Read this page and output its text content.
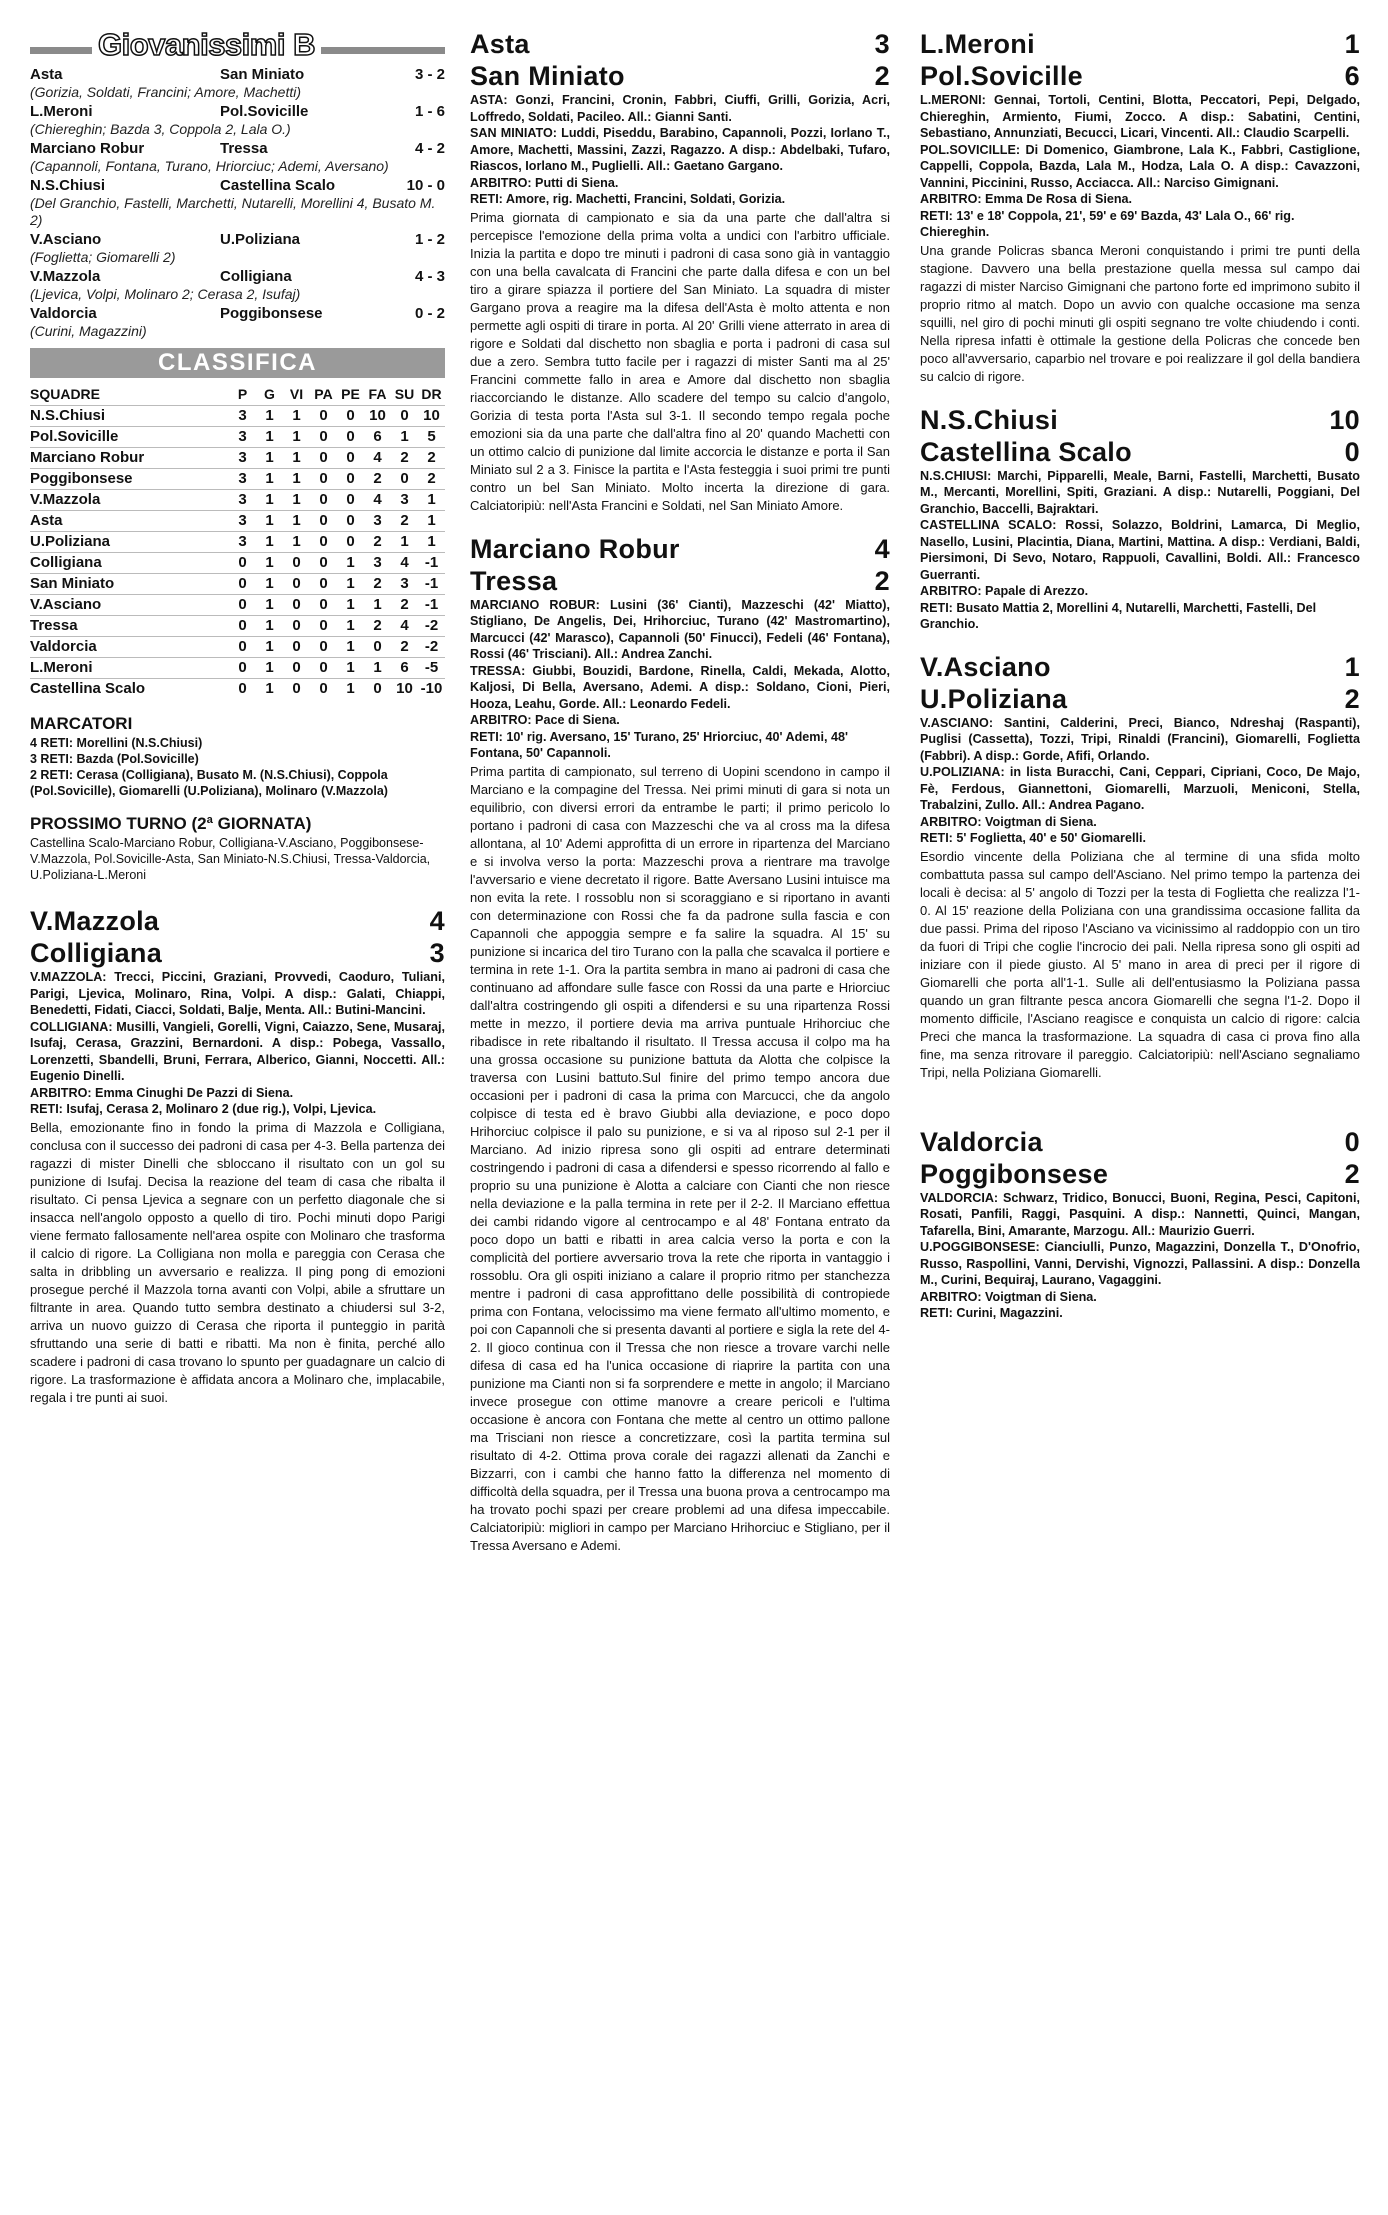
Giovanissimi B
Asta	San Miniato	3 - 2
(Gorizia, Soldati, Francini; Amore, Machetti)
L.Meroni	Pol.Sovicille	1 - 6
(Chiereghin; Bazda 3, Coppola 2, Lala O.)
Marciano Robur	Tressa	4 - 2
(Capannoli, Fontana, Turano, Hriorciuc; Ademi, Aversano)
N.S.Chiusi	Castellina Scalo	10 - 0
(Del Granchio, Fastelli, Marchetti, Nutarelli, Morellini 4, Busato M. 2)
V.Asciano	U.Poliziana	1 - 2
(Foglietta; Giomarelli 2)
V.Mazzola	Colligiana	4 - 3
(Ljevica, Volpi, Molinaro 2; Cerasa 2, Isufaj)
Valdorcia	Poggibonsese	0 - 2
(Curini, Magazzini)
CLASSIFICA
SQUADRE	P	G	VI	PA	PE	FA	SU	DR
N.S.Chiusi	3	1	1	0	0	10	0	10
Pol.Sovicille	3	1	1	0	0	6	1	5
Marciano Robur	3	1	1	0	0	4	2	2
Poggibonsese	3	1	1	0	0	2	0	2
V.Mazzola	3	1	1	0	0	4	3	1
Asta	3	1	1	0	0	3	2	1
U.Poliziana	3	1	1	0	0	2	1	1
Colligiana	0	1	0	0	1	3	4	-1
San Miniato	0	1	0	0	1	2	3	-1
V.Asciano	0	1	0	0	1	1	2	-1
Tressa	0	1	0	0	1	2	4	-2
Valdorcia	0	1	0	0	1	0	2	-2
L.Meroni	0	1	0	0	1	1	6	-5
Castellina Scalo	0	1	0	0	1	0	10	-10
MARCATORI
4 RETI: Morellini (N.S.Chiusi)
3 RETI: Bazda (Pol.Sovicille)
2 RETI: Cerasa (Colligiana), Busato M. (N.S.Chiusi), Coppola (Pol.Sovicille), Giomarelli (U.Poliziana), Molinaro (V.Mazzola)
PROSSIMO TURNO (2ª GIORNATA)
Castellina Scalo-Marciano Robur, Colligiana-V.Asciano, Poggibonsese-V.Mazzola, Pol.Sovicille-Asta, San Miniato-N.S.Chiusi, Tressa-Valdorcia, U.Poliziana-L.Meroni
V.Mazzola	4
Colligiana	3
V.MAZZOLA: Trecci, Piccini, Graziani, Provvedi, Caoduro, Tuliani, Parigi, Ljevica, Molinaro, Rina, Volpi. A disp.: Galati, Chiappi, Benedetti, Fidati, Ciacci, Soldati, Balje, Menta. All.: Butini-Mancini.
COLLIGIANA: Musilli, Vangieli, Gorelli, Vigni, Caiazzo, Sene, Musaraj, Isufaj, Cerasa, Grazzini, Bernardoni. A disp.: Pobega, Vassallo, Lorenzetti, Sbandelli, Bruni, Ferrara, Alberico, Gianni, Noccetti. All.: Eugenio Dinelli.
ARBITRO: Emma Cinughi De Pazzi di Siena.
RETI: Isufaj, Cerasa 2, Molinaro 2 (due rig.), Volpi, Ljevica.
Bella, emozionante fino in fondo la prima di Mazzola e Colligiana, conclusa con il successo dei padroni di casa per 4-3. Bella partenza dei ragazzi di mister Dinelli che sbloccano il risultato con un gol su punizione di Isufaj. Decisa la reazione del team di casa che ribalta il risultato. Ci pensa Ljevica a segnare con un perfetto diagonale che si insacca nell'angolo opposto a quello di tiro. Pochi minuti dopo Parigi viene fermato fallosamente nell'area ospite con Molinaro che trasforma il calcio di rigore. La Colligiana non molla e pareggia con Cerasa che salta in dribbling un avversario e realizza. Il ping pong di emozioni prosegue perché il Mazzola torna avanti con Volpi, abile a sfruttare un filtrante in area. Quando tutto sembra destinato a chiudersi sul 3-2, arriva un nuovo guizzo di Cerasa che riporta il punteggio in parità sfruttando una serie di batti e ribatti. Ma non è finita, perché allo scadere i padroni di casa trovano lo spunto per guadagnare un calcio di rigore. La trasformazione è affidata ancora a Molinaro che, implacabile, regala i tre punti ai suoi.
Asta	3
San Miniato	2
ASTA: Gonzi, Francini, Cronin, Fabbri, Ciuffi, Grilli, Gorizia, Acri, Loffredo, Soldati, Pacileo. All.: Gianni Santi.
SAN MINIATO: Luddi, Piseddu, Barabino, Capannoli, Pozzi, Iorlano T., Amore, Machetti, Massini, Zazzi, Ragazzo. A disp.: Abdelbaki, Tufaro, Riascos, Iorlano M., Puglielli. All.: Gaetano Gargano.
ARBITRO: Putti di Siena.
RETI: Amore, rig. Machetti, Francini, Soldati, Gorizia.
Prima giornata di campionato e sia da una parte che dall'altra si percepisce l'emozione della prima volta a undici con l'arbitro ufficiale. Inizia la partita e dopo tre minuti i padroni di casa sono già in vantaggio con una bella cavalcata di Francini che parte dalla difesa e con un bel tiro a girare spiazza il portiere del San Miniato. La squadra di mister Gargano prova a reagire ma la difesa dell'Asta è molto attenta e non permette agli ospiti di tirare in porta. Al 20' Grilli viene atterrato in area di rigore e Soldati dal dischetto non sbaglia e porta i padroni di casa sul due a zero. Sembra tutto facile per i ragazzi di mister Santi ma al 25' Francini commette fallo in area e Amore dal dischetto non sbaglia riaccorciando le distanze. Allo scadere del tempo su calcio d'angolo, Gorizia di testa porta l'Asta sul 3-1. Il secondo tempo regala poche emozioni sia da una parte che dall'altra fino al 20' quando Machetti con un ottimo calcio di punizione dal limite accorcia le distanze e porta il San Miniato sul 2 a 3. Finisce la partita e l'Asta festeggia i suoi primi tre punti contro un bel San Miniato. Molto incerta la direzione di gara. Calciatoripiù: nell'Asta Francini e Soldati, nel San Miniato Amore.
Marciano Robur	4
Tressa	2
MARCIANO ROBUR: Lusini (36' Cianti), Mazzeschi (42' Miatto), Stigliano, De Angelis, Dei, Hrihorciuc, Turano (42' Mastromartino), Marcucci (42' Marasco), Capannoli (50' Finucci), Fedeli (46' Fontana), Rossi (46' Trisciani). All.: Andrea Zanchi.
TRESSA: Giubbi, Bouzidi, Bardone, Rinella, Caldi, Mekada, Alotto, Kaljosi, Di Bella, Aversano, Ademi. A disp.: Soldano, Cioni, Pieri, Hooza, Leahu, Gorde. All.: Leonardo Fedeli.
ARBITRO: Pace di Siena.
RETI: 10' rig. Aversano, 15' Turano, 25' Hriorciuc, 40' Ademi, 48' Fontana, 50' Capannoli.
Prima partita di campionato, sul terreno di Uopini scendono in campo il Marciano e la compagine del Tressa. Nei primi minuti di gara si nota un equilibrio, con diversi errori da entrambe le parti; il primo pericolo lo portano i padroni di casa con Mazzeschi che va al cross ma la difesa allontana, al 10' Ademi approfitta di un errore in ripartenza del Marciano e si involva verso la porta: Mazzeschi prova a rientrare ma travolge l'avversario e viene decretato il rigore. Batte Aversano Lusini intuisce ma non evita la rete. I rossoblu non si scoraggiano e si riportano in avanti con determinazione con Rossi che fa da padrone sulla fascia e con Capannoli che appoggia sempre e fa salire la squadra. Al 15' su punizione si incarica del tiro Turano con la palla che scavalca il portiere e termina in rete 1-1. Ora la partita sembra in mano ai padroni di casa che continuano ad affondare sulle fasce con Rossi da una parte e Hriorciuc dall'altra costringendo gli ospiti a difendersi e su una ripartenza Rossi mette in mezzo, il portiere devia ma arriva puntuale Hrihorciuc che ribadisce in rete ribaltando il risultato. Il Tressa accusa il colpo ma ha una grossa occasione su punizione battuta da Alotta che colpisce la traversa con Lusini battuto.Sul finire del primo tempo ancora due occasioni per i padroni di casa la prima con Marcucci, che da angolo colpisce di testa ed è bravo Giubbi alla deviazione, e poco dopo Hrihorciuc colpisce il palo su punizione, e si va al riposo sul 2-1 per il Marciano. Ad inizio ripresa sono gli ospiti ad entrare determinati costringendo i padroni di casa a difendersi e spesso ricorrendo al fallo e proprio su una punizione è Alotta a calciare con Cianti che non riesce nella deviazione e la palla termina in rete per il 2-2. Il Marciano effettua dei cambi ridando vigore al centrocampo e al 48' Fontana entrato da poco dopo un batti e ribatti in area calcia verso la porta e con la complicità del portiere avversario trova la rete che riporta in vantaggio i rossoblu. Ora gli ospiti iniziano a calare il proprio ritmo per stanchezza mentre i padroni di casa approfittano delle possibilità di contropiede prima con Fontana, velocissimo ma viene fermato all'ultimo momento, e poi con Capannoli che si presenta davanti al portiere e sigla la rete del 4-2. Il gioco continua con il Tressa che non riesce a trovare varchi nelle difesa di casa ed ha l'unica occasione di riaprire la partita con una punizione ma Cianti non si fa sorprendere e mette in angolo; il Marciano invece prosegue con ottime manovre a creare pericoli e l'ultima occasione è ancora con Fontana che mette al centro un ottimo pallone ma Trisciani non riesce a concretizzare, così la partita termina sul risultato di 4-2. Ottima prova corale dei ragazzi allenati da Zanchi e Bizzarri, con i cambi che hanno fatto la differenza nel momento di difficoltà della squadra, per il Tressa una buona prova a centrocampo ma ha trovato pochi spazi per creare problemi ad una difesa impeccabile. Calciatoripiù: migliori in campo per Marciano Hrihorciuc e Stigliano, per il Tressa Aversano e Ademi.
L.Meroni	1
Pol.Sovicille	6
L.MERONI: Gennai, Tortoli, Centini, Blotta, Peccatori, Pepi, Delgado, Chiereghin, Armiento, Fiumi, Zocco. A disp.: Sabatini, Centini, Sebastiano, Annunziati, Becucci, Licari, Vincenti. All.: Claudio Scarpelli.
POL.SOVICILLE: Di Domenico, Giambrone, Lala K., Fabbri, Castiglione, Cappelli, Coppola, Bazda, Lala M., Hodza, Lala O. A disp.: Cavazzoni, Vannini, Piccinini, Russo, Acciacca. All.: Narciso Gimignani.
ARBITRO: Emma De Rosa di Siena.
RETI: 13' e 18' Coppola, 21', 59' e 69' Bazda, 43' Lala O., 66' rig. Chiereghin.
Una grande Policras sbanca Meroni conquistando i primi tre punti della stagione. Davvero una bella prestazione quella messa sul campo dai ragazzi di mister Narciso Gimignani che partono forte ed imprimono subito il proprio ritmo al match. Dopo un avvio con qualche occasione ma senza squilli, nel giro di pochi minuti gli ospiti segnano tre volte chiudendo i conti. Nella ripresa infatti è ottimale la gestione della Policras che concede ben poco all'avversario, caparbio nel trovare e poi realizzare il gol della bandiera su calcio di rigore.
N.S.Chiusi	10
Castellina Scalo	0
N.S.CHIUSI: Marchi, Pipparelli, Meale, Barni, Fastelli, Marchetti, Busato M., Mercanti, Morellini, Spiti, Graziani. A disp.: Nutarelli, Poggiani, Del Granchio, Baccelli, Bajraktari.
CASTELLINA SCALO: Rossi, Solazzo, Boldrini, Lamarca, Di Meglio, Nasello, Lusini, Placintia, Diana, Martini, Mattina. A disp.: Verdiani, Baldi, Piersimoni, Di Sevo, Notaro, Rappuoli, Cavallini, Boldi. All.: Francesco Guerranti.
ARBITRO: Papale di Arezzo.
RETI: Busato Mattia 2, Morellini 4, Nutarelli, Marchetti, Fastelli, Del Granchio.
V.Asciano	1
U.Poliziana	2
V.ASCIANO: Santini, Calderini, Preci, Bianco, Ndreshaj (Raspanti), Puglisi (Cassetta), Tozzi, Tripi, Rinaldi (Francini), Giomarelli, Foglietta (Fabbri). A disp.: Gorde, Afifi, Orlando.
U.POLIZIANA: in lista Buracchi, Cani, Ceppari, Cipriani, Coco, De Majo, Fè, Ferdous, Giannettoni, Giomarelli, Marzuoli, Meniconi, Stella, Trabalzini, Zullo. All.: Andrea Pagano.
ARBITRO: Voigtman di Siena.
RETI: 5' Foglietta, 40' e 50' Giomarelli.
Esordio vincente della Poliziana che al termine di una sfida molto combattuta passa sul campo dell'Asciano. Nel primo tempo la partenza dei locali è decisa: al 5' angolo di Tozzi per la testa di Foglietta che realizza l'1-0. Al 15' reazione della Poliziana con una grandissima occasione fallita da due passi. Prima del riposo l'Asciano va vicinissimo al raddoppio con un tiro da fuori di Tripi che coglie l'incrocio dei pali. Nella ripresa sono gli ospiti ad iniziare con il piede giusto. Al 5' mano in area di preci per il rigore di Giomarelli che porta all'1-1. Sulle ali dell'entusiasmo la Poliziana passa quando un gran filtrante pesca ancora Giomarelli che segna l'1-2. Dopo il momento difficile, l'Asciano reagisce e conquista un calcio di rigore: calcia Preci che manca la trasformazione. La squadra di casa ci prova fino alla fine, ma senza ritrovare il pareggio. Calciatoripiù: nell'Asciano segnaliamo Tripi, nella Poliziana Giomarelli.
Valdorcia	0
Poggibonsese	2
VALDORCIA: Schwarz, Tridico, Bonucci, Buoni, Regina, Pesci, Capitoni, Rosati, Panfili, Raggi, Pasquini. A disp.: Nannetti, Quinci, Mangan, Tafarella, Bini, Amarante, Marzogu. All.: Maurizio Guerri.
U.POGGIBONSESE: Cianciulli, Punzo, Magazzini, Donzella T., D'Onofrio, Russo, Raspollini, Vanni, Dervishi, Vignozzi, Pallassini. A disp.: Donzella M., Curini, Bequiraj, Laurano, Vagaggini.
ARBITRO: Voigtman di Siena.
RETI: Curini, Magazzini.
